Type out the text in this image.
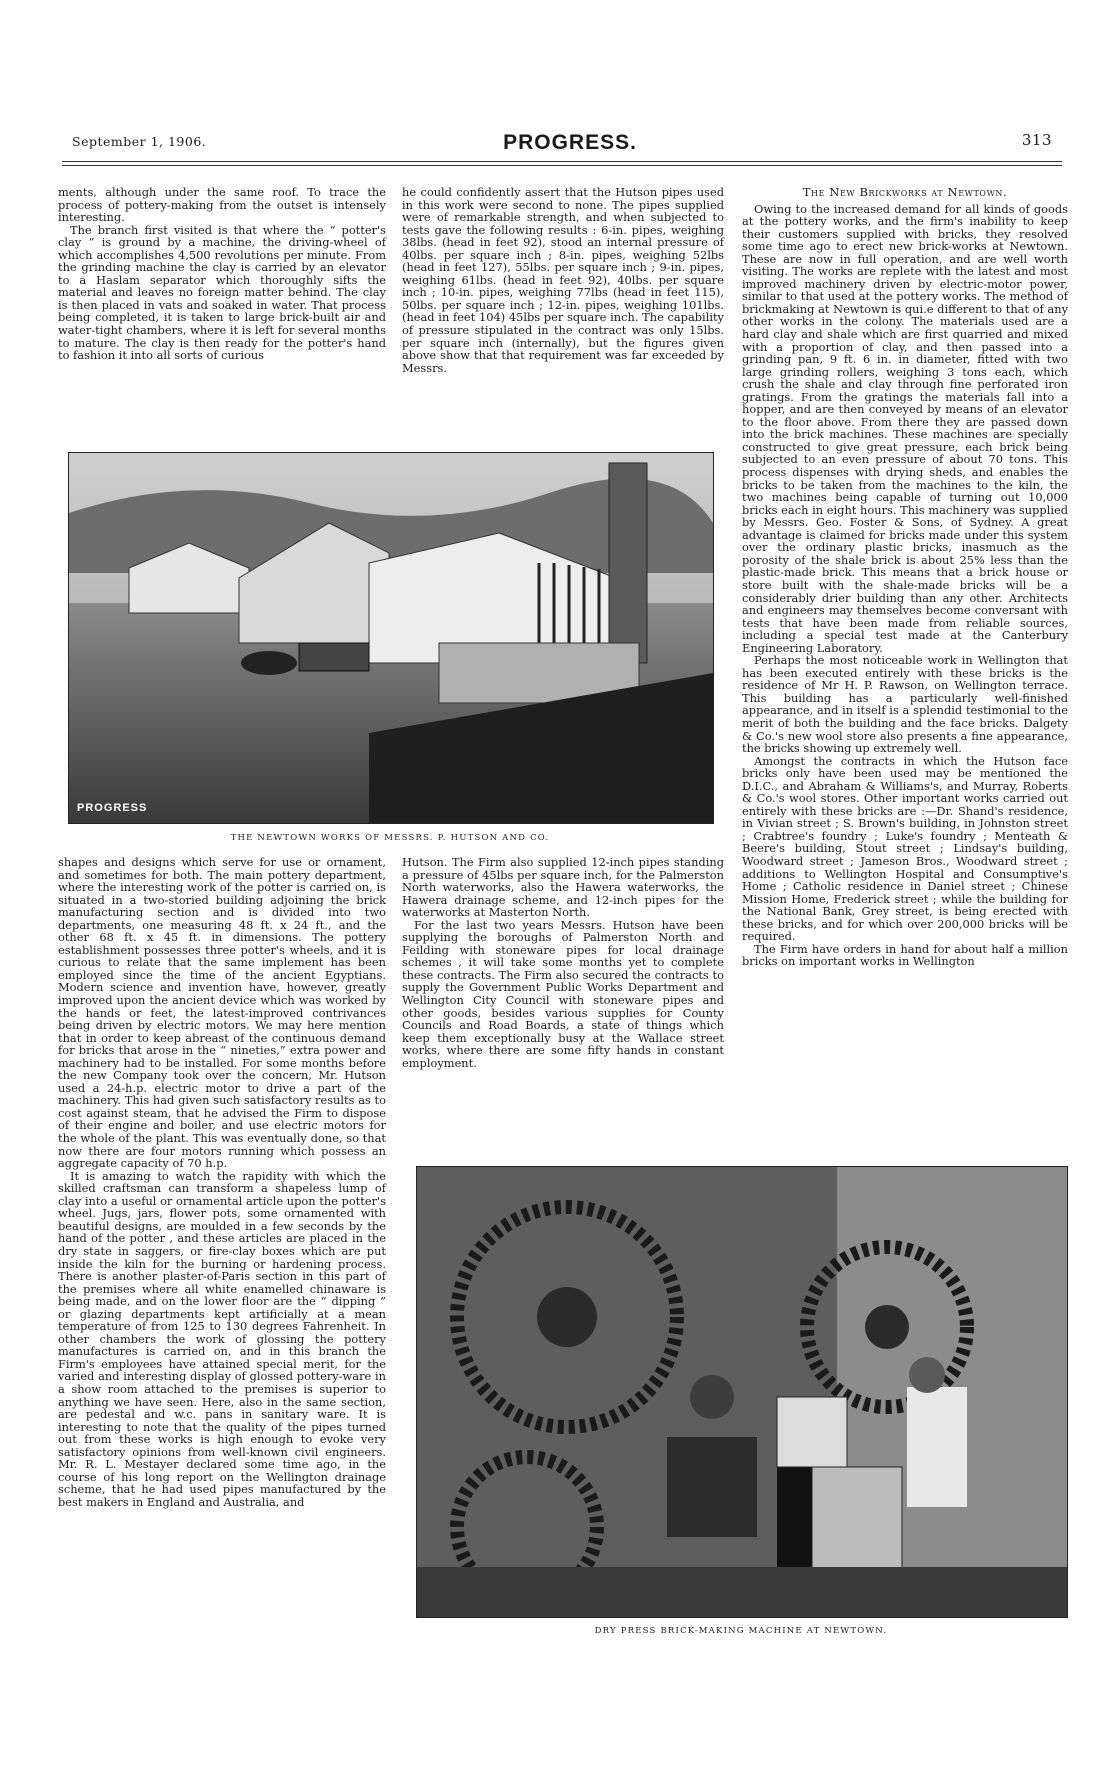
September 1, 1906.	PROGRESS.	313

ments, although under the same roof. To trace the process of pottery-making from the outset is intensely interesting.

The branch first visited is that where the “ potter's clay ” is ground by a machine, the driving-wheel of which accomplishes 4,500 revolutions per minute. From the grinding machine the clay is carried by an elevator to a Haslam separator which thoroughly sifts the material and leaves no foreign matter behind. The clay is then placed in vats and soaked in water. That process being completed, it is taken to large brick-built air and water-tight chambers, where it is left for several months to mature. The clay is then ready for the potter's hand to fashion it into all sorts of curious

he could confidently assert that the Hutson pipes used in this work were second to none. The pipes supplied were of remarkable strength, and when subjected to tests gave the following results : 6-in. pipes, weighing 38lbs. (head in feet 92), stood an internal pressure of 40lbs. per square inch ; 8-in. pipes, weighing 52lbs (head in feet 127), 55lbs. per square inch ; 9-in. pipes, weighing 61lbs. (head in feet 92), 40lbs. per square inch ; 10-in. pipes, weighing 77lbs (head in feet 115), 50lbs. per square inch ; 12-in. pipes, weighing 101lbs. (head in feet 104) 45lbs per square inch. The capability of pressure stipulated in the contract was only 15lbs. per square inch (internally), but the figures given above show that that requirement was far exceeded by Messrs.

The New Brickworks at Newtown.

Owing to the increased demand for all kinds of goods at the pottery works, and the firm's inability to keep their customers supplied with bricks, they resolved some time ago to erect new brick-works at Newtown. These are now in full operation, and are well worth visiting. The works are replete with the latest and most improved machinery driven by electric-motor power, similar to that used at the pottery works. The method of brickmaking at Newtown is qui.e different to that of any other works in the colony. The materials used are a hard clay and shale which are first quarried and mixed with a proportion of clay, and then passed into a grinding pan, 9 ft. 6 in. in diameter, fitted with two large grinding rollers, weighing 3 tons each, which crush the shale and clay through fine perforated iron gratings. From the gratings the materials fall into a hopper, and are then conveyed by means of an elevator to the floor above. From there they are passed down into the brick machines. These machines are specially constructed to give great pressure, each brick being subjected to an even pressure of about 70 tons. This process dispenses with drying sheds, and enables the bricks to be taken from the machines to the kiln, the two machines being capable of turning out 10,000 bricks each in eight hours. This machinery was supplied by Messrs. Geo. Foster & Sons, of Sydney. A great advantage is claimed for bricks made under this system over the ordinary plastic bricks, inasmuch as the porosity of the shale brick is about 25% less than the plastic-made brick. This means that a brick house or store built with the shale-made bricks will be a considerably drier building than any other. Architects and engineers may themselves become conversant with tests that have been made from reliable sources, including a special test made at the Canterbury Engineering Laboratory.

Perhaps the most noticeable work in Wellington that has been executed entirely with these bricks is the residence of Mr H. P. Rawson, on Wellington terrace. This building has a particularly well-finished appearance, and in itself is a splendid testimonial to the merit of both the building and the face bricks. Dalgety & Co.'s new wool store also presents a fine appearance, the bricks showing up extremely well.

Amongst the contracts in which the Hutson face bricks only have been used may be mentioned the D.I.C., and Abraham & Williams's, and Murray, Roberts & Co.'s wool stores. Other important works carried out entirely with these bricks are :—Dr. Shand's residence, in Vivian street ; S. Brown's building, in Johnston street ; Crabtree's foundry ; Luke's foundry ; Menteath & Beere's building, Stout street ; Lindsay's building, Woodward street ; Jameson Bros., Woodward street ; additions to Wellington Hospital and Consumptive's Home ; Catholic residence in Daniel street ; Chinese Mission Home, Frederick street ; while the building for the National Bank, Grey street, is being erected with these bricks, and for which over 200,000 bricks will be required.

The Firm have orders in hand for about half a million bricks on important works in Wellington

PROGRESS
THE NEWTOWN WORKS OF MESSRS. P. HUTSON AND CO.

shapes and designs which serve for use or ornament, and sometimes for both. The main pottery department, where the interesting work of the potter is carried on, is situated in a two-storied building adjoining the brick manufacturing section and is divided into two departments, one measuring 48 ft. x 24 ft., and the other 68 ft. x 45 ft. in dimensions. The pottery establishment possesses three potter's wheels, and it is curious to relate that the same implement has been employed since the time of the ancient Egyptians. Modern science and invention have, however, greatly improved upon the ancient device which was worked by the hands or feet, the latest-improved contrivances being driven by electric motors. We may here mention that in order to keep abreast of the continuous demand for bricks that arose in the “ nineties,” extra power and machinery had to be installed. For some months before the new Company took over the concern, Mr. Hutson used a 24-h.p. electric motor to drive a part of the machinery. This had given such satisfactory results as to cost against steam, that he advised the Firm to dispose of their engine and boiler, and use electric motors for the whole of the plant. This was eventually done, so that now there are four motors running which possess an aggregate capacity of 70 h.p.

It is amazing to watch the rapidity with which the skilled craftsman can transform a shapeless lump of clay into a useful or ornamental article upon the potter's wheel. Jugs, jars, flower pots, some ornamented with beautiful designs, are moulded in a few seconds by the hand of the potter , and these articles are placed in the dry state in saggers, or fire-clay boxes which are put inside the kiln for the burning or hardening process. There is another plaster-of-Paris section in this part of the premises where all white enamelled chinaware is being made, and on the lower floor are the “ dipping ” or glazing departments kept artificially at a mean temperature of from 125 to 130 degrees Fahrenheit. In other chambers the work of glossing the pottery manufactures is carried on, and in this branch the Firm's employees have attained special merit, for the varied and interesting display of glossed pottery-ware in a show room attached to the premises is superior to anything we have seen. Here, also in the same section, are pedestal and w.c. pans in sanitary ware. It is interesting to note that the quality of the pipes turned out from these works is high enough to evoke very satisfactory opinions from well-known civil engineers. Mr. R. L. Mestayer declared some time ago, in the course of his long report on the Wellington drainage scheme, that he had used pipes manufactured by the best makers in England and Australia, and

Hutson. The Firm also supplied 12-inch pipes standing a pressure of 45lbs per square inch, for the Palmerston North waterworks, also the Hawera waterworks, the Hawera drainage scheme, and 12-inch pipes for the waterworks at Masterton North.

For the last two years Messrs. Hutson have been supplying the boroughs of Palmerston North and Feilding with stoneware pipes for local drainage schemes , it will take some months yet to complete these contracts. The Firm also secured the contracts to supply the Government Public Works Department and Wellington City Council with stoneware pipes and other goods, besides various supplies for County Councils and Road Boards, a state of things which keep them exceptionally busy at the Wallace street works, where there are some fifty hands in constant employment.

DRY PRESS BRICK-MAKING MACHINE AT NEWTOWN.
